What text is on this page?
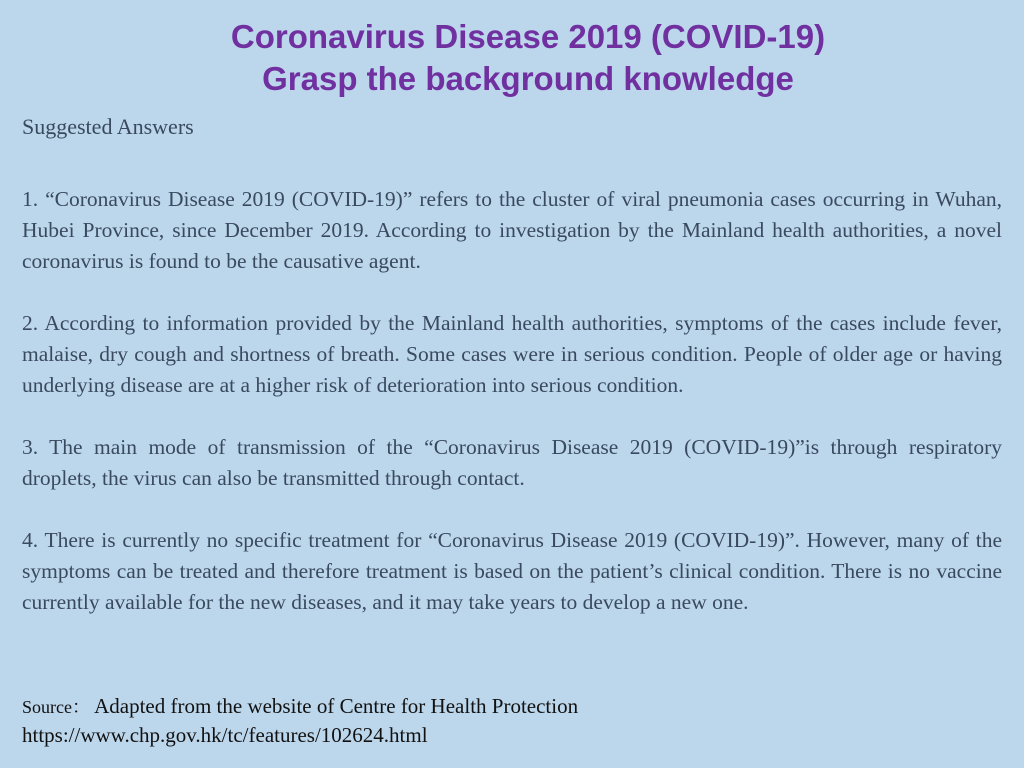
Coronavirus Disease 2019 (COVID-19)
Grasp the background knowledge
Suggested Answers

1. “Coronavirus Disease 2019 (COVID-19)” refers to the cluster of viral pneumonia cases occurring in Wuhan, Hubei Province, since December 2019. According to investigation by the Mainland health authorities, a novel coronavirus is found to be the causative agent.

2. According to information provided by the Mainland health authorities, symptoms of the cases include fever, malaise, dry cough and shortness of breath. Some cases were in serious condition. People of older age or having underlying disease are at a higher risk of deterioration into serious condition.

3. The main mode of transmission of the “Coronavirus Disease 2019 (COVID-19)”is through respiratory droplets, the virus can also be transmitted through contact.

4. There is currently no specific treatment for “Coronavirus Disease 2019 (COVID-19)”. However, many of the symptoms can be treated and therefore treatment is based on the patient’s clinical condition. There is no vaccine currently available for the new diseases, and it may take years to develop a new one.

Source： Adapted from the website of Centre for Health Protection
https://www.chp.gov.hk/tc/features/102624.html
